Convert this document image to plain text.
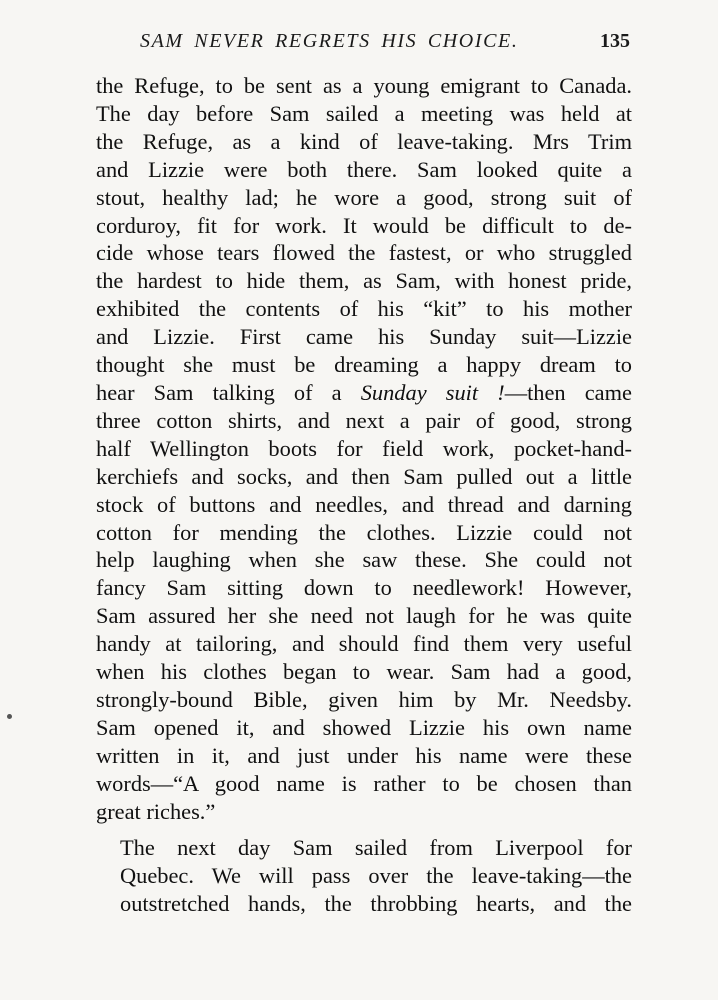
SAM NEVER REGRETS HIS CHOICE.	135

the Refuge, to be sent as a young emigrant to Canada.
The day before Sam sailed a meeting was held at
the Refuge, as a kind of leave-taking. Mrs Trim
and Lizzie were both there. Sam looked quite a
stout, healthy lad; he wore a good, strong suit of
corduroy, fit for work. It would be difficult to de-
cide whose tears flowed the fastest, or who struggled
the hardest to hide them, as Sam, with honest pride,
exhibited the contents of his “kit” to his mother
and Lizzie. First came his Sunday suit—Lizzie
thought she must be dreaming a happy dream to
hear Sam talking of a Sunday suit !—then came
three cotton shirts, and next a pair of good, strong
half Wellington boots for field work, pocket-hand-
kerchiefs and socks, and then Sam pulled out a little
stock of buttons and needles, and thread and darning
cotton for mending the clothes. Lizzie could not
help laughing when she saw these. She could not
fancy Sam sitting down to needlework! However,
Sam assured her she need not laugh for he was quite
handy at tailoring, and should find them very useful
when his clothes began to wear. Sam had a good,
strongly-bound Bible, given him by Mr. Needsby.
Sam opened it, and showed Lizzie his own name
written in it, and just under his name were these
words—“A good name is rather to be chosen than
great riches.”

The next day Sam sailed from Liverpool for
Quebec. We will pass over the leave-taking—the
outstretched hands, the throbbing hearts, and the
